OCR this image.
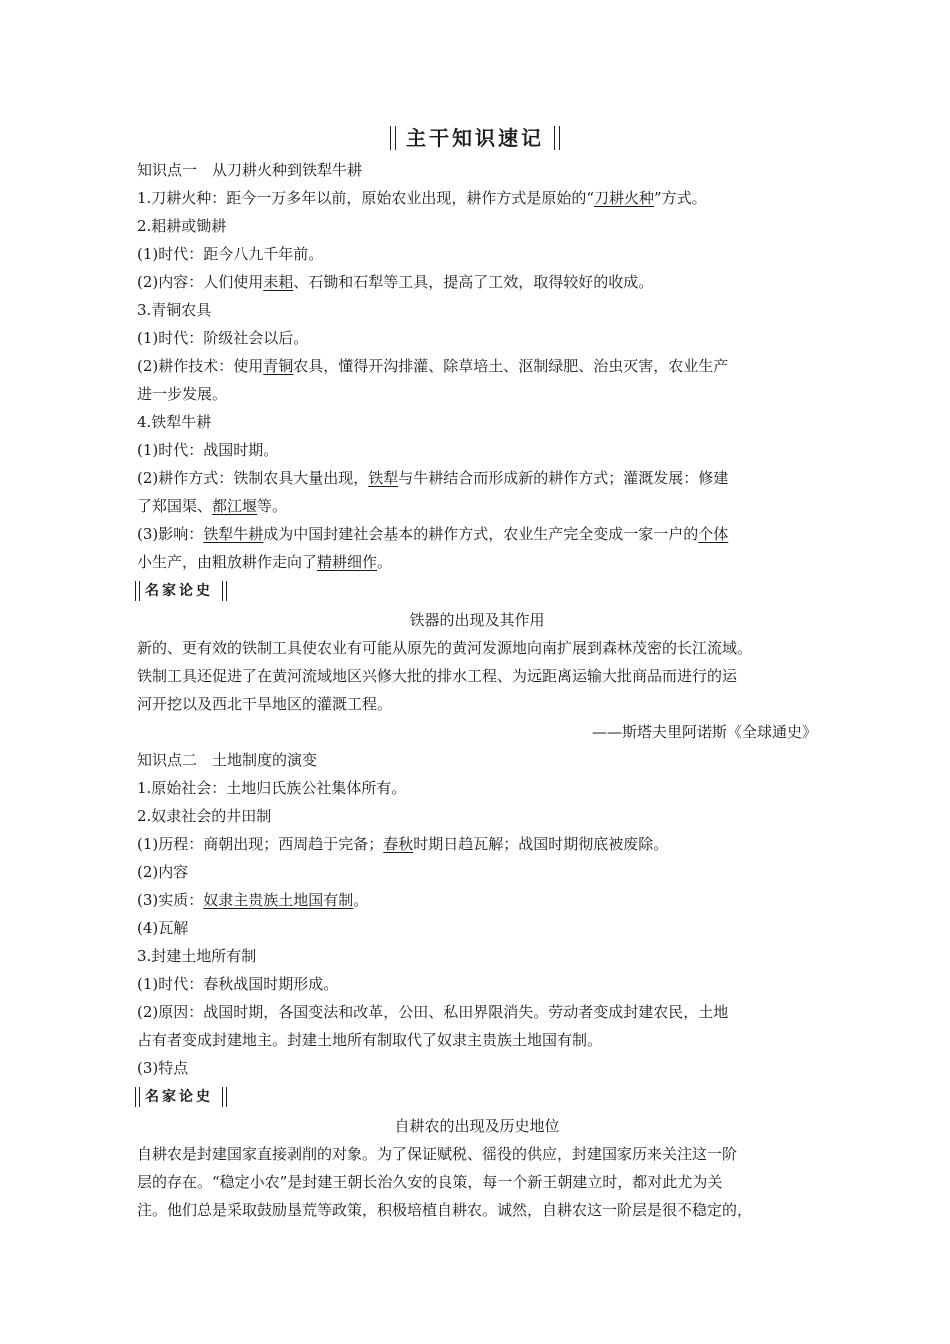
主干知识速记
知识点一　从刀耕火种到铁犁牛耕
1.刀耕火种：距今一万多年以前，原始农业出现，耕作方式是原始的“刀耕火种”方式。
2.耜耕或锄耕
(1)时代：距今八九千年前。
(2)内容：人们使用耒耜、石锄和石犁等工具，提高了工效，取得较好的收成。
3.青铜农具
(1)时代：阶级社会以后。
(2)耕作技术：使用青铜农具，懂得开沟排灌、除草培土、沤制绿肥、治虫灭害，农业生产
进一步发展。
4.铁犁牛耕
(1)时代：战国时期。
(2)耕作方式：铁制农具大量出现，铁犁与牛耕结合而形成新的耕作方式；灌溉发展：修建
了郑国渠、都江堰等。
(3)影响：铁犁牛耕成为中国封建社会基本的耕作方式，农业生产完全变成一家一户的个体
小生产，由粗放耕作走向了精耕细作。
名家论史
铁器的出现及其作用
新的、更有效的铁制工具使农业有可能从原先的黄河发源地向南扩展到森林茂密的长江流域。
铁制工具还促进了在黄河流域地区兴修大批的排水工程、为远距离运输大批商品而进行的运
河开挖以及西北干旱地区的灌溉工程。
——斯塔夫里阿诺斯《全球通史》
知识点二　土地制度的演变
1.原始社会：土地归氏族公社集体所有。
2.奴隶社会的井田制
(1)历程：商朝出现；西周趋于完备；春秋时期日趋瓦解；战国时期彻底被废除。
(2)内容
(3)实质：奴隶主贵族土地国有制。
(4)瓦解
3.封建土地所有制
(1)时代：春秋战国时期形成。
(2)原因：战国时期，各国变法和改革，公田、私田界限消失。劳动者变成封建农民，土地
占有者变成封建地主。封建土地所有制取代了奴隶主贵族土地国有制。
(3)特点
名家论史
自耕农的出现及历史地位
自耕农是封建国家直接剥削的对象。为了保证赋税、徭役的供应，封建国家历来关注这一阶
层的存在。“稳定小农”是封建王朝长治久安的良策，每一个新王朝建立时，都对此尤为关
注。他们总是采取鼓励垦荒等政策，积极培植自耕农。诚然，自耕农这一阶层是很不稳定的，
